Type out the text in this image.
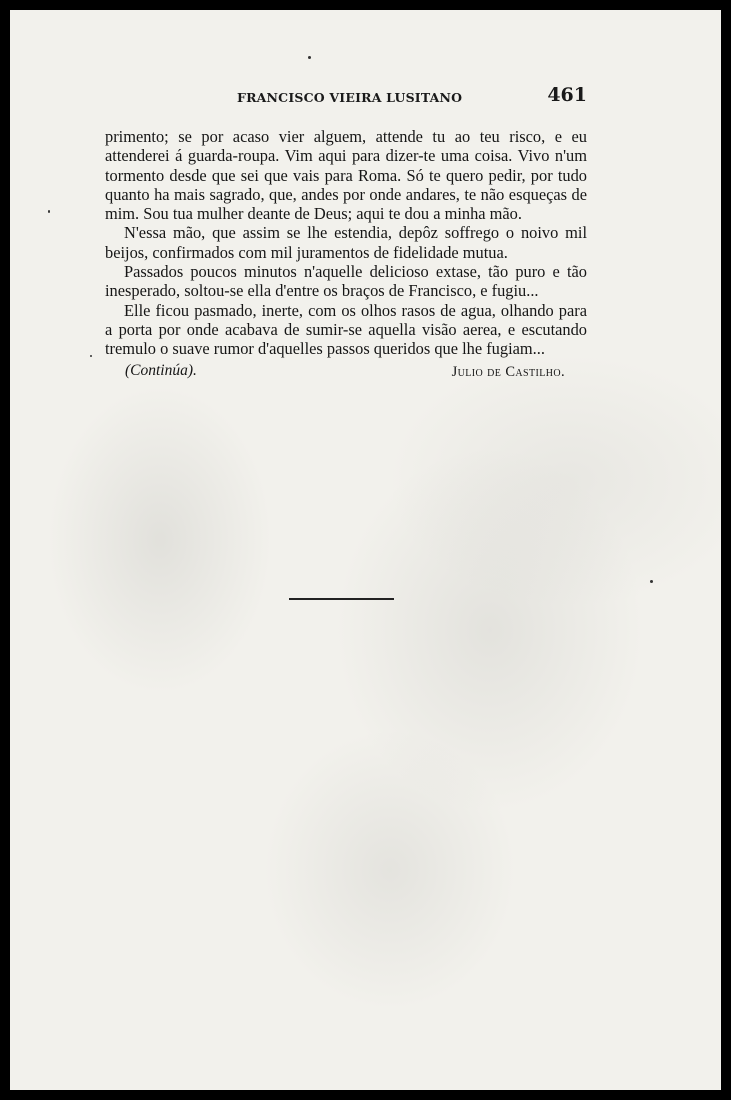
FRANCISCO VIEIRA LUSITANO	461

primento; se por acaso vier alguem, attende tu ao teu risco, e eu attenderei á guarda-roupa. Vim aqui para dizer-te uma coisa. Vivo n'um tormento desde que sei que vais para Roma. Só te quero pedir, por tudo quanto ha mais sagrado, que, andes por onde andares, te não esqueças de mim. Sou tua mulher deante de Deus; aqui te dou a minha mão.

N'essa mão, que assim se lhe estendia, depôz soffrego o noivo mil beijos, confirmados com mil juramentos de fidelidade mutua.

Passados poucos minutos n'aquelle delicioso extase, tão puro e tão inesperado, soltou-se ella d'entre os braços de Francisco, e fugiu...

Elle ficou pasmado, inerte, com os olhos rasos de agua, olhando para a porta por onde acabava de sumir-se aquella visão aerea, e escutando tremulo o suave rumor d'aquelles passos queridos que lhe fugiam...

(Continúa).	Julio de Castilho.
